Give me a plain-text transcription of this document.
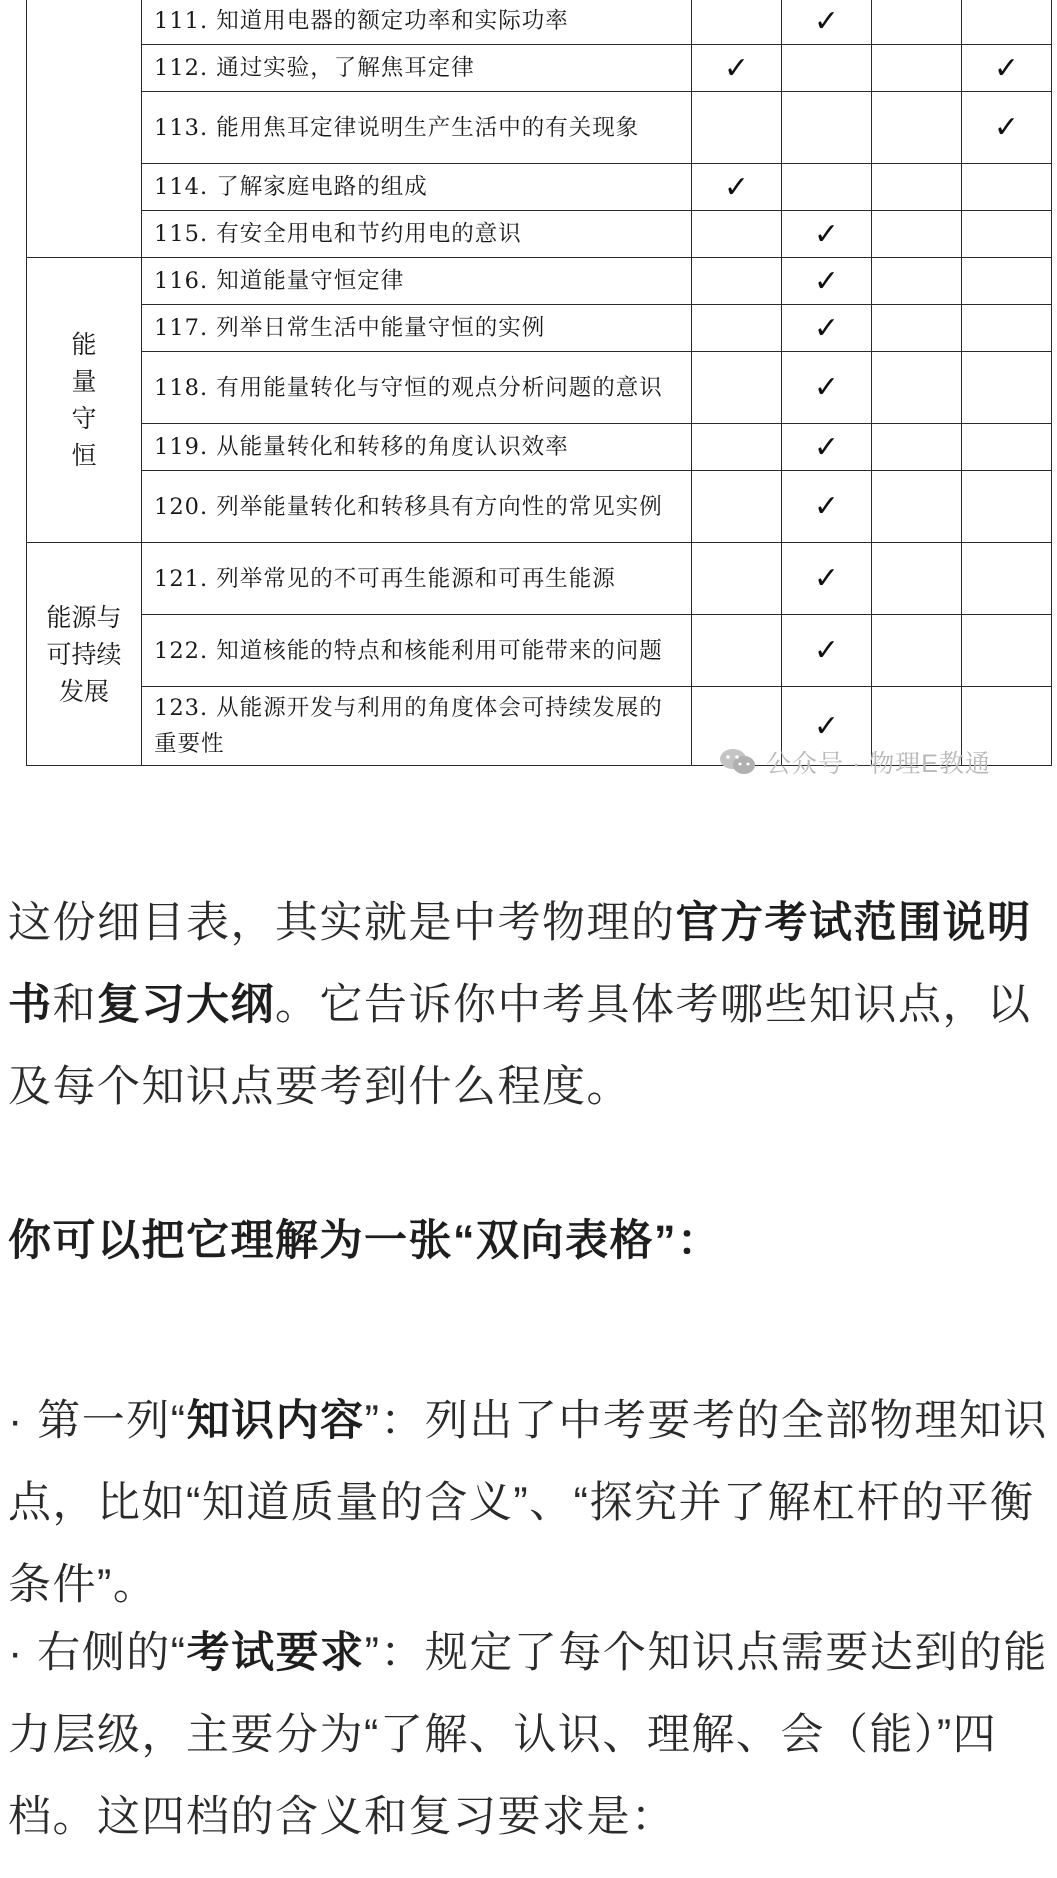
	111. 知道用电器的额定功率和实际功率		✓		
	112. 通过实验，了解焦耳定律	✓			✓
	113. 能用焦耳定律说明生产生活中的有关现象				✓
	114. 了解家庭电路的组成	✓			
	115. 有安全用电和节约用电的意识		✓		
能
量
守
恒	116. 知道能量守恒定律		✓		
	117. 列举日常生活中能量守恒的实例		✓		
	118. 有用能量转化与守恒的观点分析问题的意识		✓		
	119. 从能量转化和转移的角度认识效率		✓		
	120. 列举能量转化和转移具有方向性的常见实例		✓		
能源与
可持续
发展	121. 列举常见的不可再生能源和可再生能源		✓		
	122. 知道核能的特点和核能利用可能带来的问题		✓		
	123. 从能源开发与利用的角度体会可持续发展的重要性		✓		
公众号 · 物理E教通

这份细目表，其实就是中考物理的官方考试范围说明书和复习大纲。它告诉你中考具体考哪些知识点，以及每个知识点要考到什么程度。

你可以把它理解为一张“双向表格”：

· 第一列“知识内容”：列出了中考要考的全部物理知识点，比如“知道质量的含义”、“探究并了解杠杆的平衡条件”。

· 右侧的“考试要求”：规定了每个知识点需要达到的能力层级，主要分为“了解、认识、理解、会（能）”四档。这四档的含义和复习要求是：
